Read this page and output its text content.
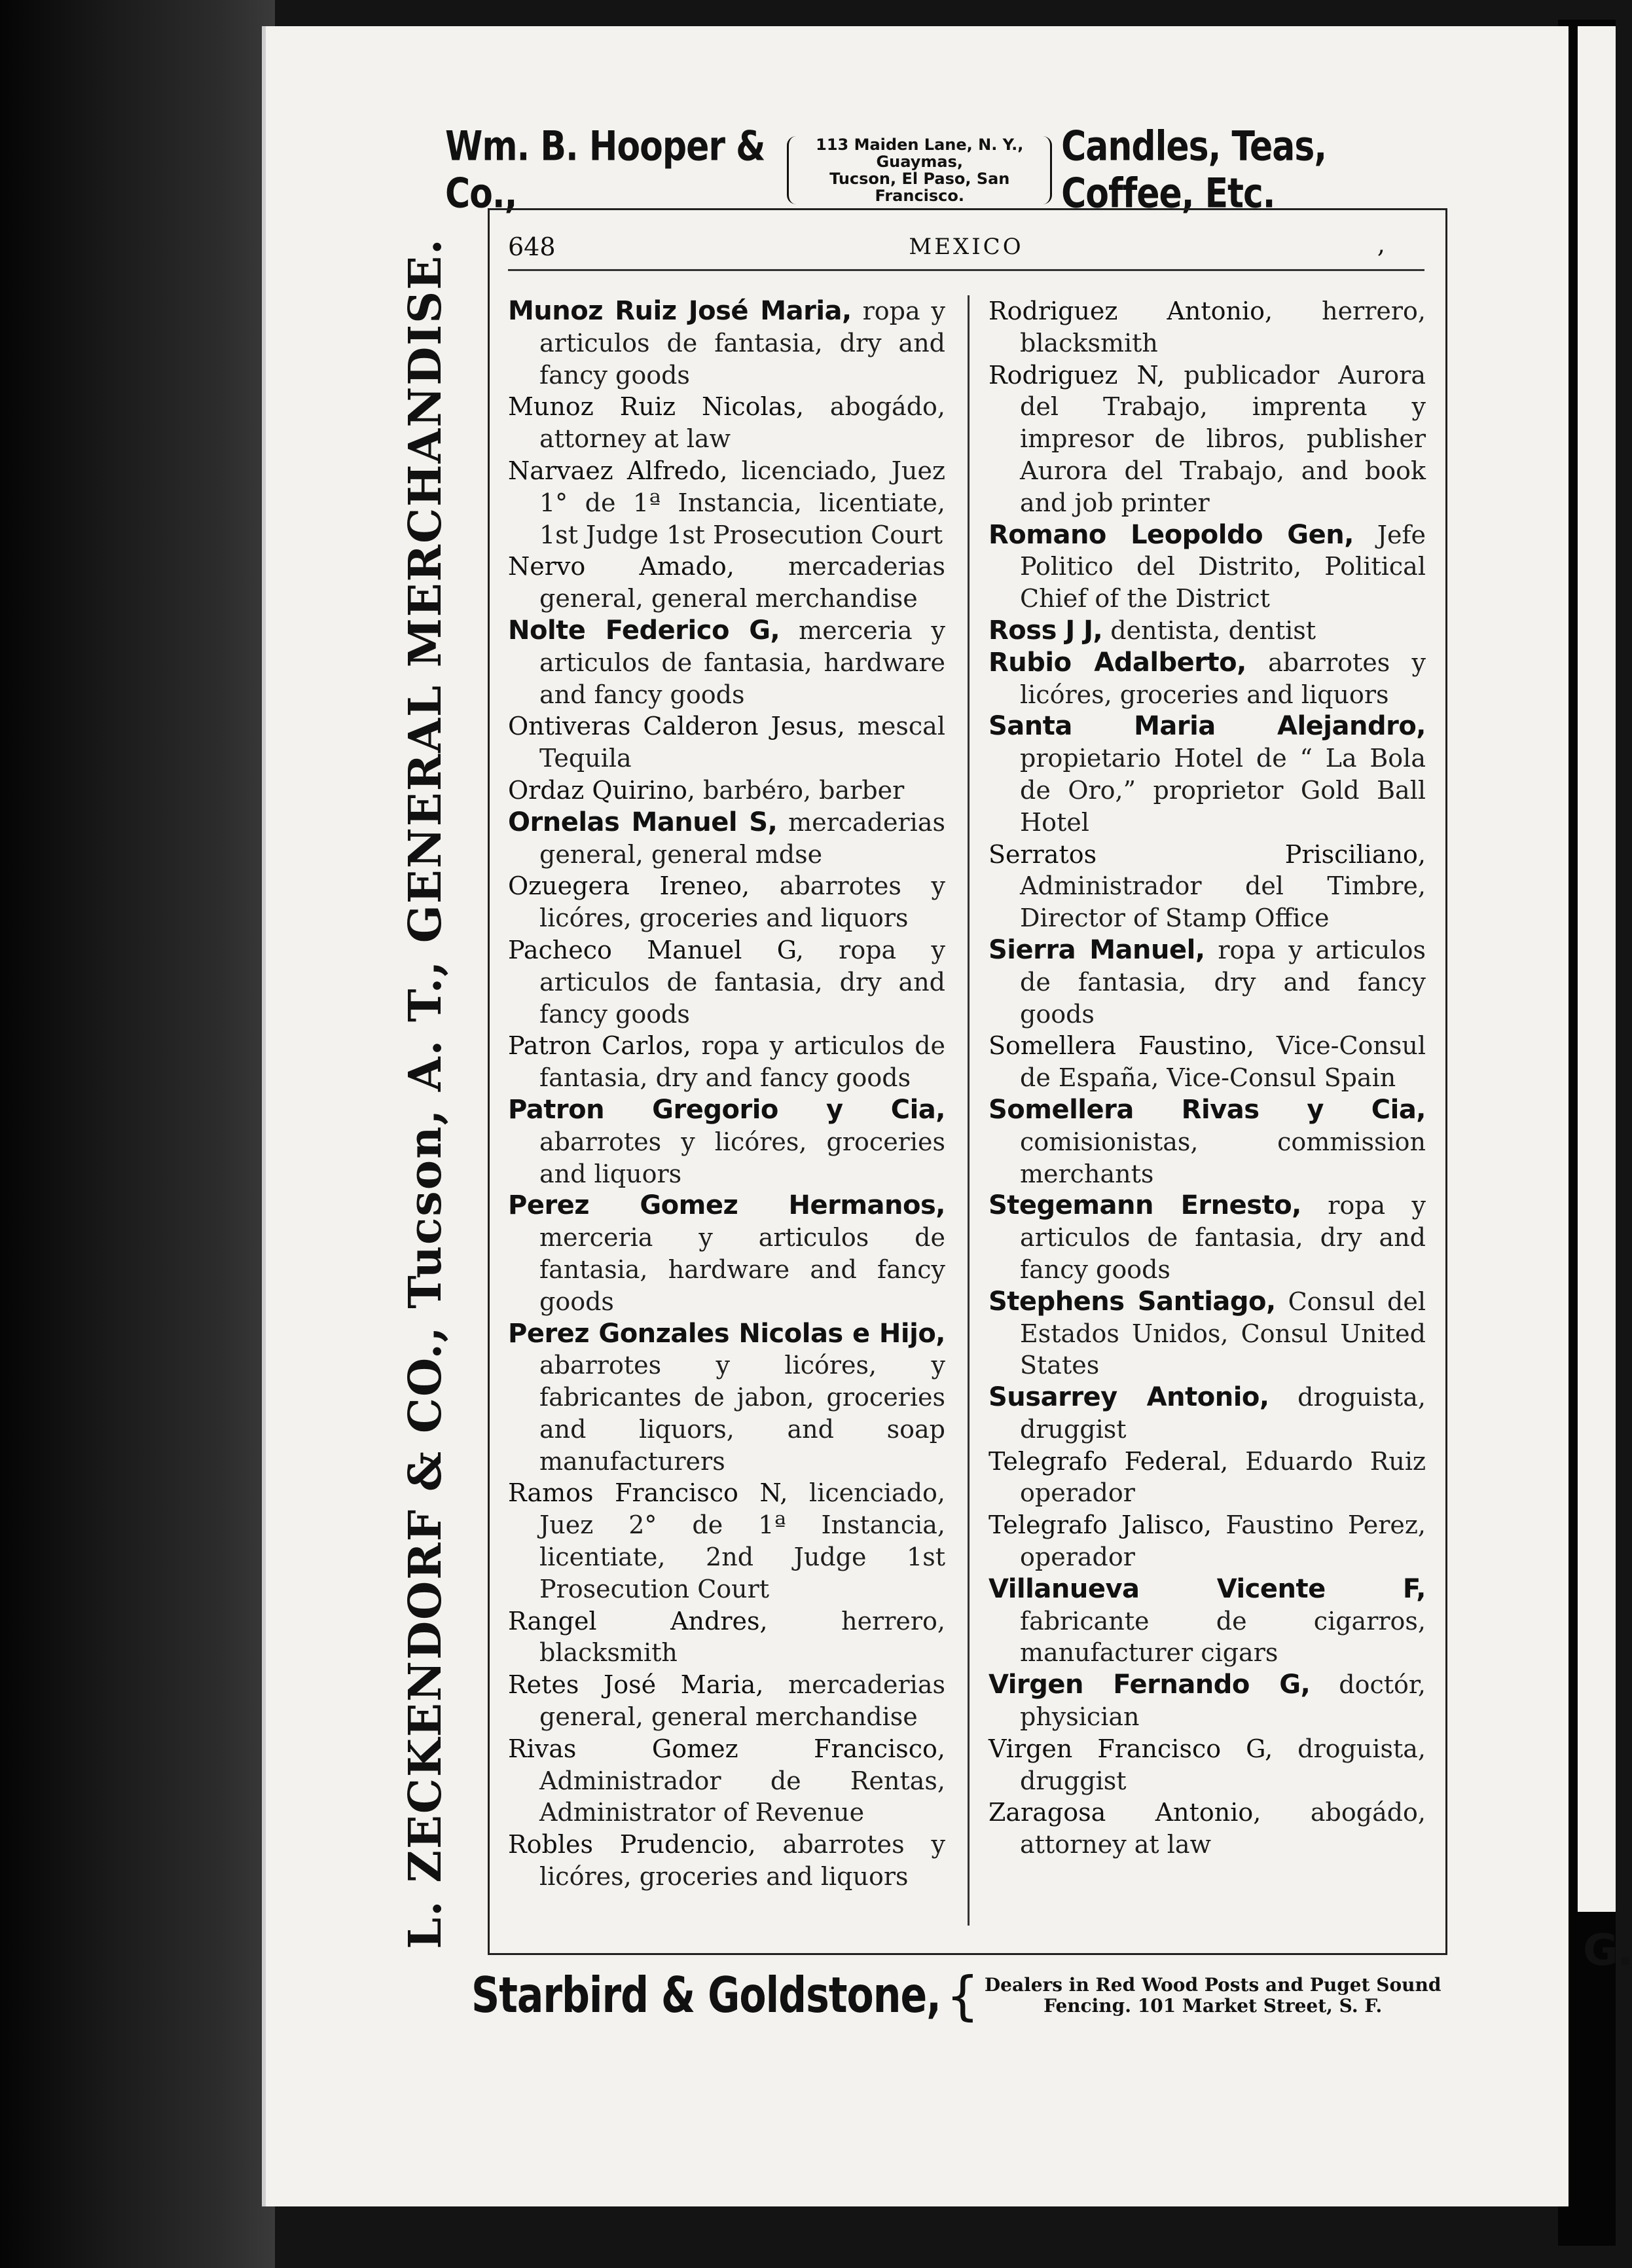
G.
Wm. B. Hooper & Co.,
113 Maiden Lane, N. Y., Guaymas,
Tucson, El Paso, San Francisco.
Candles, Teas, Coffee, Etc.
L. ZECKENDORF & CO., Tucson, A. T., GENERAL MERCHANDISE. 648	MEXICO	,

Munoz Ruiz José Maria, ropa y articulos de fantasia, dry and fancy goods

Munoz Ruiz Nicolas, abogádo, attorney at law

Narvaez Alfredo, licenciado, Juez 1° de 1ª Instancia, licentiate, 1st Judge 1st Prosecution Court

Nervo Amado, mercaderias general, general merchandise

Nolte Federico G, merceria y articulos de fantasia, hardware and fancy goods

Ontiveras Calderon Jesus, mescal Tequila

Ordaz Quirino, barbéro, barber

Ornelas Manuel S, mercaderias general, general mdse

Ozuegera Ireneo, abarrotes y licóres, groceries and liquors

Pacheco Manuel G, ropa y articulos de fantasia, dry and fancy goods

Patron Carlos, ropa y articulos de fantasia, dry and fancy goods

Patron Gregorio y Cia, abarrotes y licóres, groceries and liquors

Perez Gomez Hermanos, merceria y articulos de fantasia, hardware and fancy goods

Perez Gonzales Nicolas e Hijo, abarrotes y licóres, y fabricantes de jabon, groceries and liquors, and soap manufacturers

Ramos Francisco N, licenciado, Juez 2° de 1ª Instancia, licentiate, 2nd Judge 1st Prosecution Court

Rangel Andres, herrero, blacksmith

Retes José Maria, mercaderias general, general merchandise

Rivas Gomez Francisco, Administrador de Rentas, Administrator of Revenue

Robles Prudencio, abarrotes y licóres, groceries and liquors

Rodriguez Antonio, herrero, blacksmith

Rodriguez N, publicador Aurora del Trabajo, imprenta y impresor de libros, publisher Aurora del Trabajo, and book and job printer

Romano Leopoldo Gen, Jefe Politico del Distrito, Political Chief of the District

Ross J J, dentista, dentist

Rubio Adalberto, abarrotes y licóres, groceries and liquors

Santa Maria Alejandro, propietario Hotel de “ La Bola de Oro,” proprietor Gold Ball Hotel

Serratos Prisciliano, Administrador del Timbre, Director of Stamp Office

Sierra Manuel, ropa y articulos de fantasia, dry and fancy goods

Somellera Faustino, Vice-Consul de España, Vice-Consul Spain

Somellera Rivas y Cia, comisionistas, commission merchants

Stegemann Ernesto, ropa y articulos de fantasia, dry and fancy goods

Stephens Santiago, Consul del Estados Unidos, Consul United States

Susarrey Antonio, droguista, druggist

Telegrafo Federal, Eduardo Ruiz operador

Telegrafo Jalisco, Faustino Perez, operador

Villanueva Vicente F, fabricante de cigarros, manufacturer cigars

Virgen Fernando G, doctór, physician

Virgen Francisco G, droguista, druggist

Zaragosa Antonio, abogádo, attorney at law

Starbird & Goldstone, { Dealers in Red Wood Posts and Puget Sound
Fencing. 101 Market Street, S. F.
